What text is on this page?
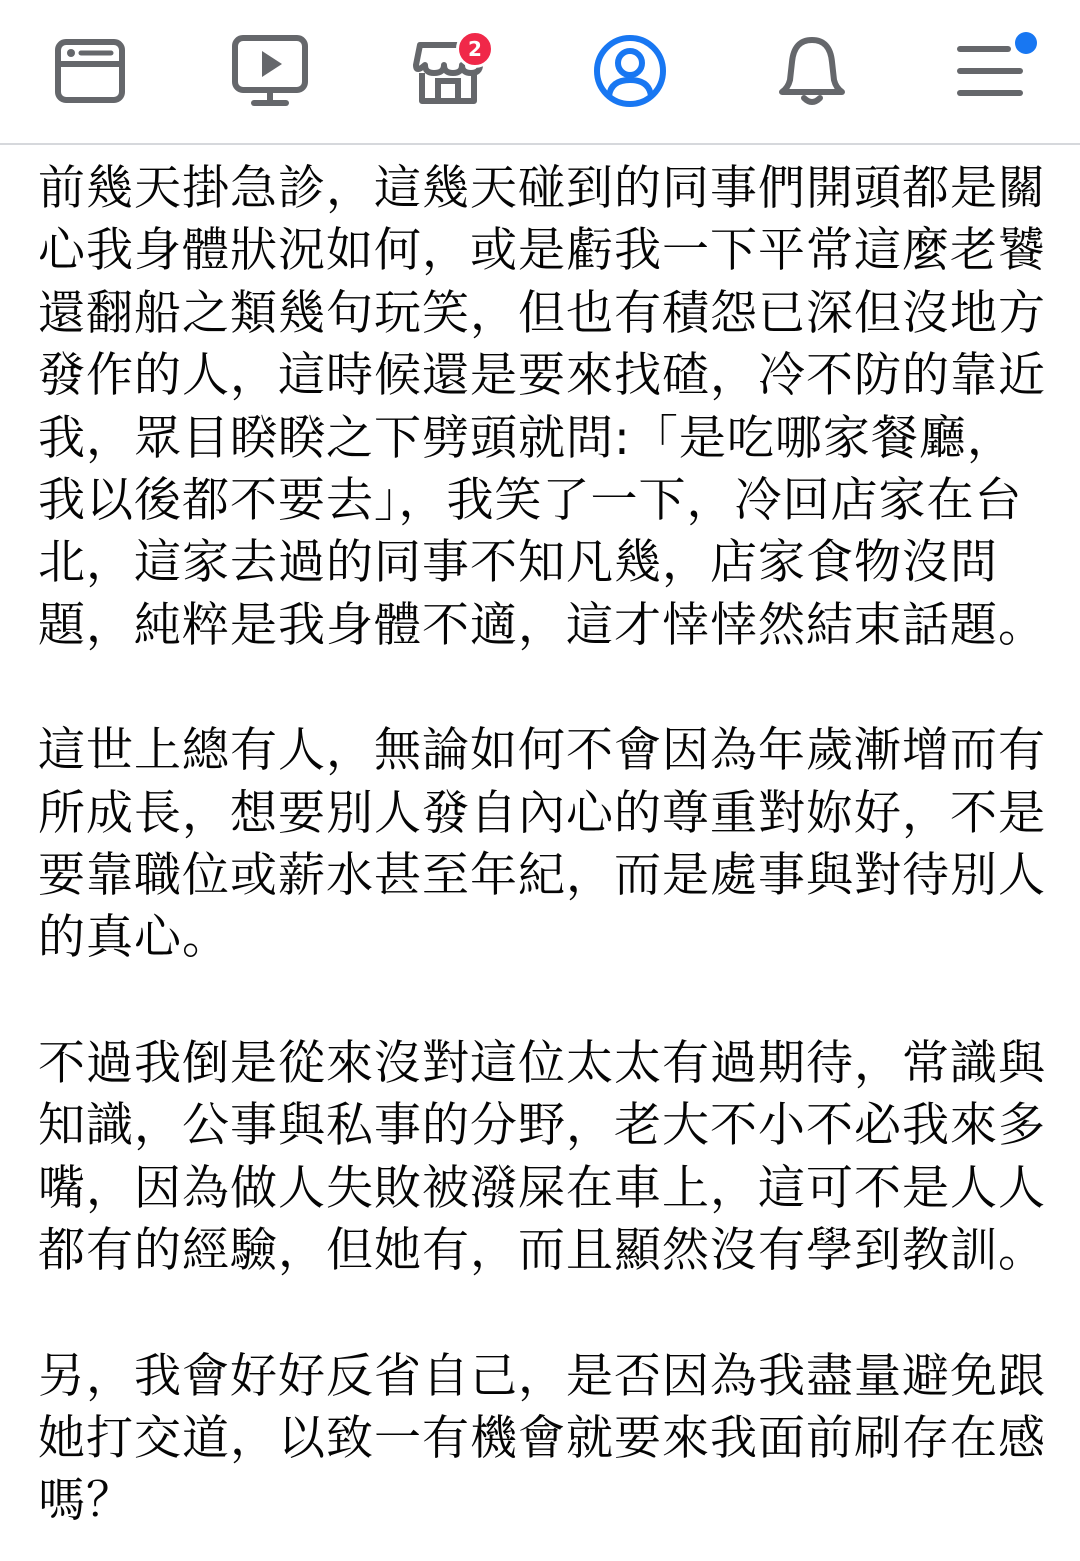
2

前幾天掛急診，這幾天碰到的同事們開頭都是關
心我身體狀況如何，或是虧我一下平常這麼老饕
還翻船之類幾句玩笑，但也有積怨已深但沒地方
發作的人，這時候還是要來找碴，冷不防的靠近
我，眾目睽睽之下劈頭就問:「是吃哪家餐廳，
我以後都不要去」，我笑了一下，冷回店家在台
北，這家去過的同事不知凡幾，店家食物沒問
題，純粹是我身體不適，這才悻悻然結束話題。

這世上總有人，無論如何不會因為年歲漸增而有
所成長，想要別人發自內心的尊重對妳好，不是
要靠職位或薪水甚至年紀，而是處事與對待別人
的真心。

不過我倒是從來沒對這位太太有過期待，常識與
知識，公事與私事的分野，老大不小不必我來多
嘴，因為做人失敗被潑屎在車上，這可不是人人
都有的經驗，但她有，而且顯然沒有學到教訓。

另，我會好好反省自己，是否因為我盡量避免跟
她打交道，以致一有機會就要來我面前刷存在感
嗎？
